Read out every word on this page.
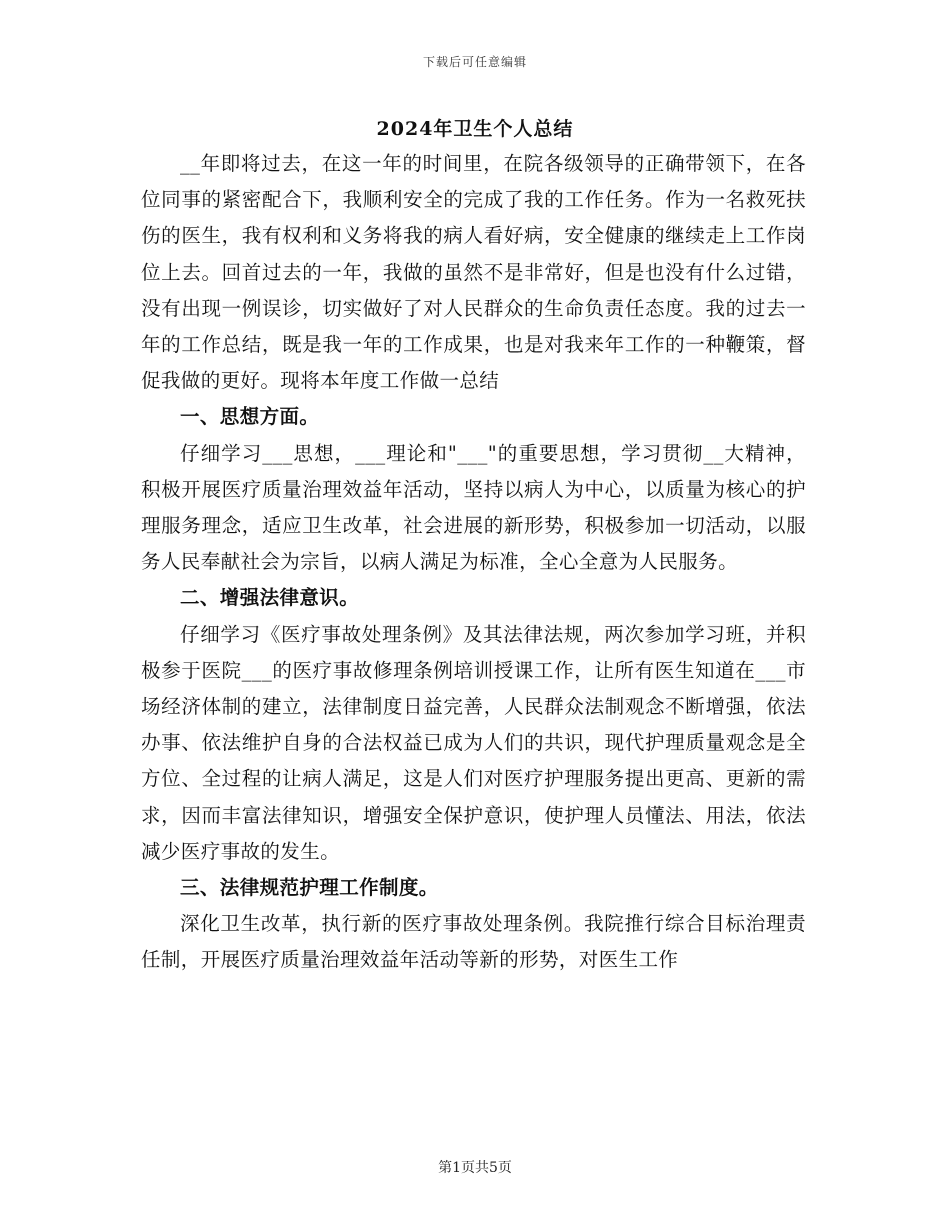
下载后可任意编辑
2024年卫生个人总结

__年即将过去，在这一年的时间里，在院各级领导的正确带领下，在各位同事的紧密配合下，我顺利安全的完成了我的工作任务。作为一名救死扶伤的医生，我有权利和义务将我的病人看好病，安全健康的继续走上工作岗位上去。回首过去的一年，我做的虽然不是非常好，但是也没有什么过错，没有出现一例误诊，切实做好了对人民群众的生命负责任态度。我的过去一年的工作总结，既是我一年的工作成果，也是对我来年工作的一种鞭策，督促我做的更好。现将本年度工作做一总结

一、思想方面。

仔细学习___思想，___理论和"___"的重要思想，学习贯彻__大精神，积极开展医疗质量治理效益年活动，坚持以病人为中心，以质量为核心的护理服务理念，适应卫生改革，社会进展的新形势，积极参加一切活动，以服务人民奉献社会为宗旨，以病人满足为标准，全心全意为人民服务。

二、增强法律意识。

仔细学习《医疗事故处理条例》及其法律法规，两次参加学习班，并积极参于医院___的医疗事故修理条例培训授课工作，让所有医生知道在___市场经济体制的建立，法律制度日益完善，人民群众法制观念不断增强，依法办事、依法维护自身的合法权益已成为人们的共识，现代护理质量观念是全方位、全过程的让病人满足，这是人们对医疗护理服务提出更高、更新的需求，因而丰富法律知识，增强安全保护意识，使护理人员懂法、用法，依法减少医疗事故的发生。

三、法律规范护理工作制度。

深化卫生改革，执行新的医疗事故处理条例。我院推行综合目标治理责任制，开展医疗质量治理效益年活动等新的形势，对医生工作

第1页共5页
